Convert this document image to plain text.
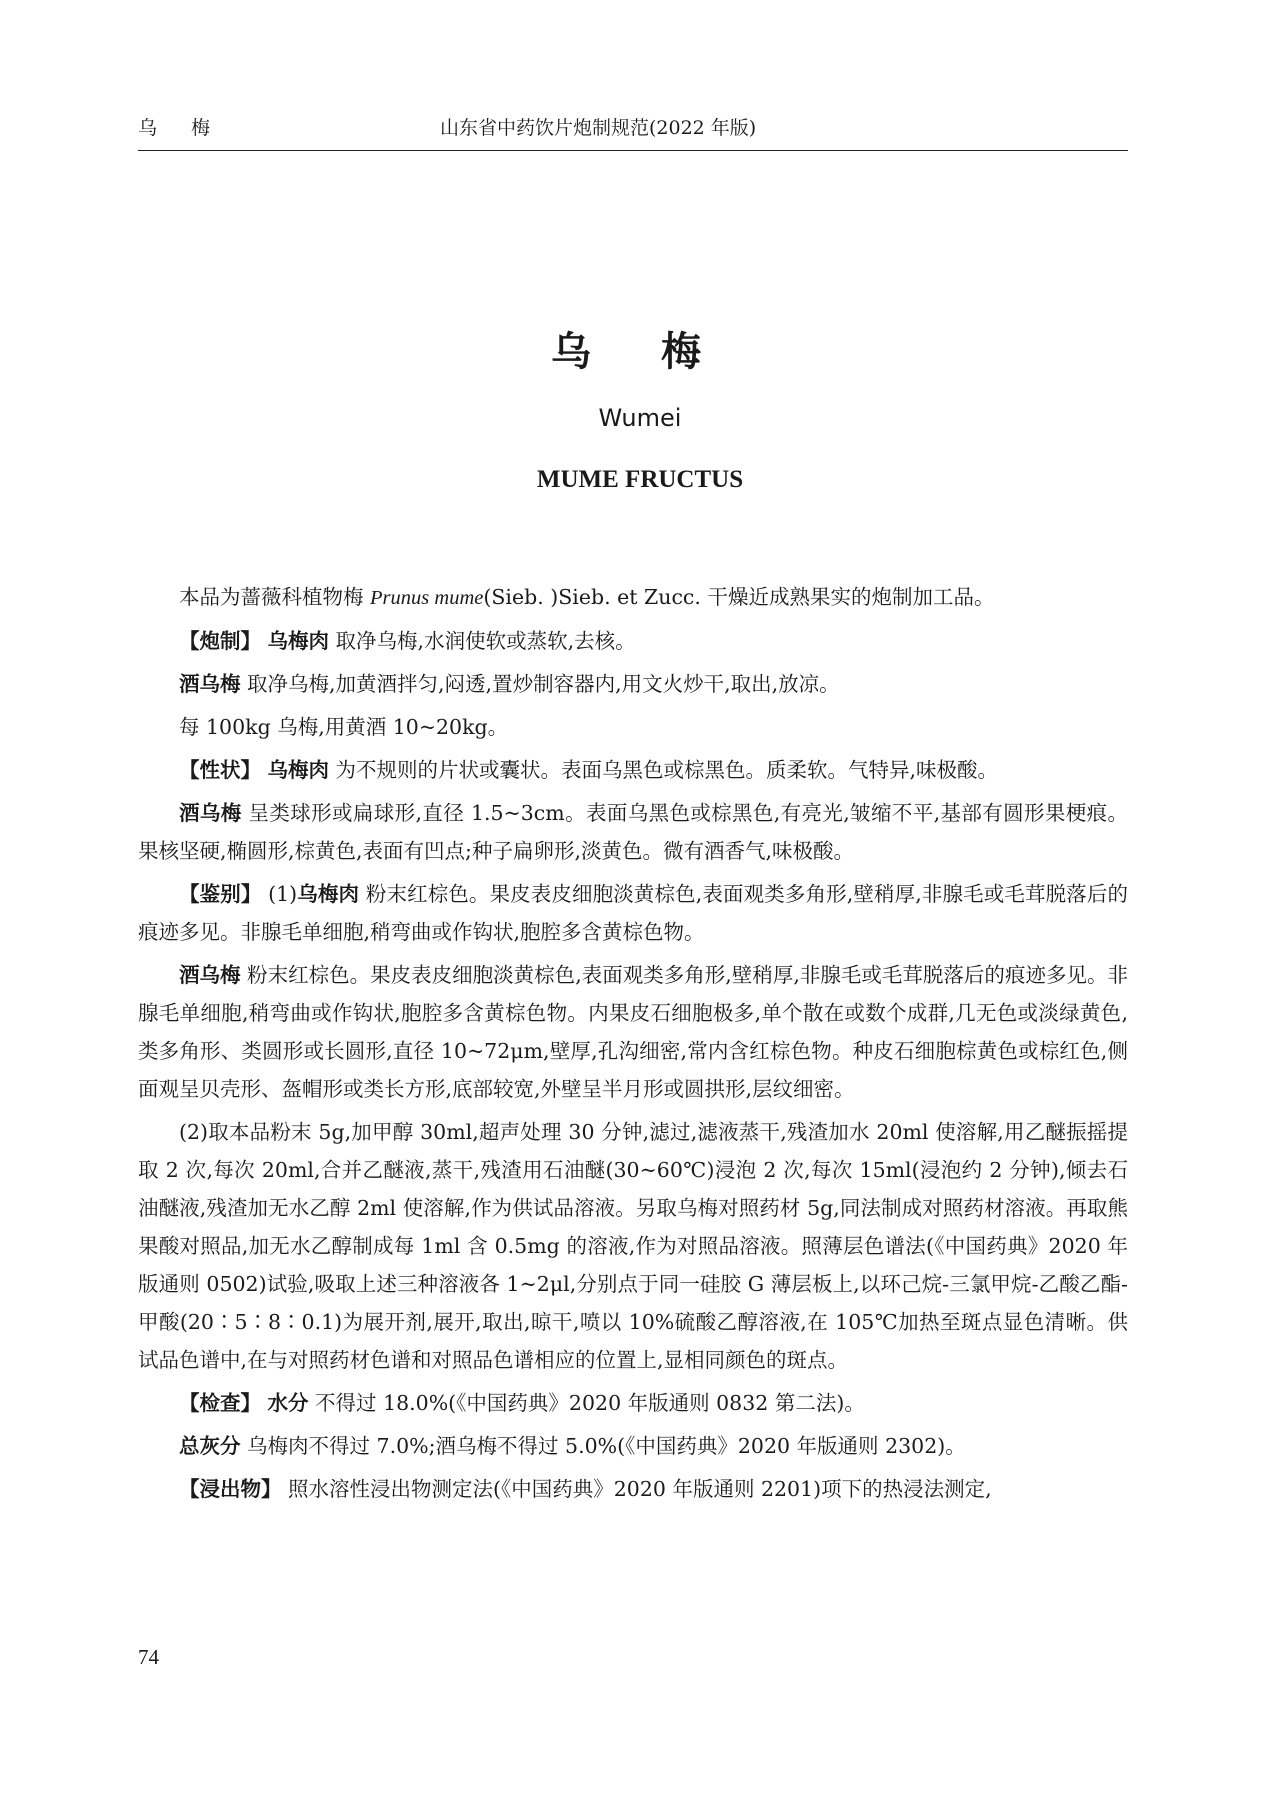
乌 梅	山东省中药饮片炮制规范(2022 年版)
乌 梅
Wumei
MUME FRUCTUS

本品为蔷薇科植物梅 Prunus mume(Sieb. )Sieb. et Zucc. 干燥近成熟果实的炮制加工品。

【炮制】 乌梅肉 取净乌梅,水润使软或蒸软,去核。

酒乌梅 取净乌梅,加黄酒拌匀,闷透,置炒制容器内,用文火炒干,取出,放凉。

每 100kg 乌梅,用黄酒 10~20kg。

【性状】 乌梅肉 为不规则的片状或囊状。表面乌黑色或棕黑色。质柔软。气特异,味极酸。

酒乌梅 呈类球形或扁球形,直径 1.5~3cm。表面乌黑色或棕黑色,有亮光,皱缩不平,基部有圆形果梗痕。果核坚硬,椭圆形,棕黄色,表面有凹点;种子扁卵形,淡黄色。微有酒香气,味极酸。

【鉴别】 (1)乌梅肉 粉末红棕色。果皮表皮细胞淡黄棕色,表面观类多角形,壁稍厚,非腺毛或毛茸脱落后的痕迹多见。非腺毛单细胞,稍弯曲或作钩状,胞腔多含黄棕色物。

酒乌梅 粉末红棕色。果皮表皮细胞淡黄棕色,表面观类多角形,壁稍厚,非腺毛或毛茸脱落后的痕迹多见。非腺毛单细胞,稍弯曲或作钩状,胞腔多含黄棕色物。内果皮石细胞极多,单个散在或数个成群,几无色或淡绿黄色,类多角形、类圆形或长圆形,直径 10~72μm,壁厚,孔沟细密,常内含红棕色物。种皮石细胞棕黄色或棕红色,侧面观呈贝壳形、盔帽形或类长方形,底部较宽,外壁呈半月形或圆拱形,层纹细密。

(2)取本品粉末 5g,加甲醇 30ml,超声处理 30 分钟,滤过,滤液蒸干,残渣加水 20ml 使溶解,用乙醚振摇提取 2 次,每次 20ml,合并乙醚液,蒸干,残渣用石油醚(30~60℃)浸泡 2 次,每次 15ml(浸泡约 2 分钟),倾去石油醚液,残渣加无水乙醇 2ml 使溶解,作为供试品溶液。另取乌梅对照药材 5g,同法制成对照药材溶液。再取熊果酸对照品,加无水乙醇制成每 1ml 含 0.5mg 的溶液,作为对照品溶液。照薄层色谱法(《中国药典》2020 年版通则 0502)试验,吸取上述三种溶液各 1~2μl,分别点于同一硅胶 G 薄层板上,以环己烷-三氯甲烷-乙酸乙酯-甲酸(20∶5∶8∶0.1)为展开剂,展开,取出,晾干,喷以 10%硫酸乙醇溶液,在 105℃加热至斑点显色清晰。供试品色谱中,在与对照药材色谱和对照品色谱相应的位置上,显相同颜色的斑点。

【检查】 水分 不得过 18.0%(《中国药典》2020 年版通则 0832 第二法)。

总灰分 乌梅肉不得过 7.0%;酒乌梅不得过 5.0%(《中国药典》2020 年版通则 2302)。

【浸出物】 照水溶性浸出物测定法(《中国药典》2020 年版通则 2201)项下的热浸法测定,

74
